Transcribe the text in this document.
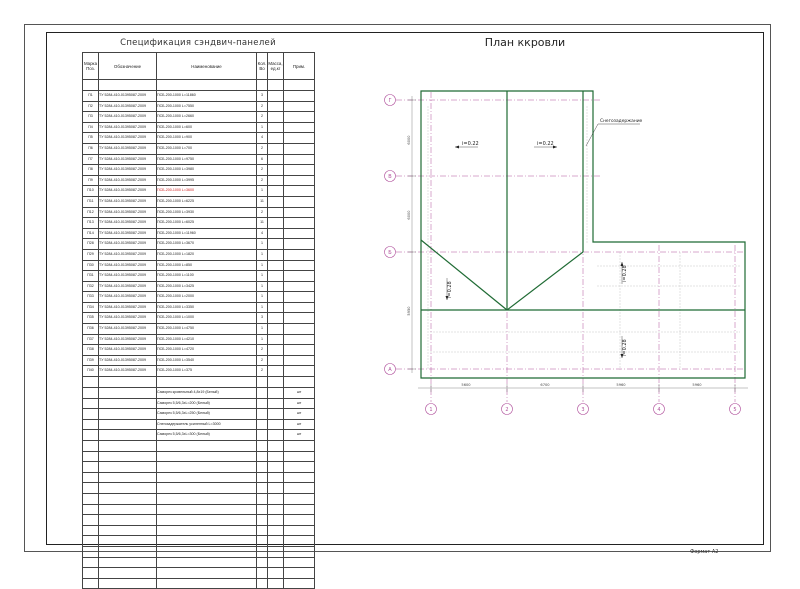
Спецификация сэндвич-панелей
Марка Поз.	Обозначение	Наименование	Кол. Во	Масса, ед.кг	Прим.

П1	ТУ 5284-410-01395087-2009	ПСБ-200-1000 L=11860	3		
П2	ТУ 5284-410-01395087-2009	ПСБ-200-1000 L=7550	2		
П3	ТУ 5284-410-01395087-2009	ПСБ-200-1000 L=2660	2		
П4	ТУ 5284-410-01395087-2009	ПСБ-200-1000 L=600	1		
П5	ТУ 5284-410-01395087-2009	ПСБ-200-1000 L=900	4		
П6	ТУ 5284-410-01395087-2009	ПСБ-200-1000 L=700	2		
П7	ТУ 5284-410-01395087-2009	ПСБ-200-1000 L=9750	6		
П8	ТУ 5284-410-01395087-2009	ПСБ-200-1000 L=3980	2		
П9	ТУ 5284-410-01395087-2009	ПСБ-200-1000 L=3995	2		
П10	ТУ 5284-410-01395087-2009	ПСБ-200-1000 L=3600	1		
П11	ТУ 5284-410-01395087-2009	ПСБ-200-1000 L=6225	11		
П12	ТУ 5284-410-01395087-2009	ПСБ-200-1000 L=3930	2		
П13	ТУ 5284-410-01395087-2009	ПСБ-200-1000 L=6025	11		
П14	ТУ 5284-410-01395087-2009	ПСБ-200-1000 L=11960	4		
П28	ТУ 5284-410-01395087-2009	ПСБ-200-1000 L=3670	1		
П29	ТУ 5284-410-01395087-2009	ПСБ-200-1000 L=1820	1		
П30	ТУ 5284-410-01395087-2009	ПСБ-200-1000 L=850	1		
П31	ТУ 5284-410-01395087-2009	ПСБ-200-1000 L=1100	1		
П32	ТУ 5284-410-01395087-2009	ПСБ-200-1000 L=3425	1		
П33	ТУ 5284-410-01395087-2009	ПСБ-200-1000 L=2000	1		
П34	ТУ 5284-410-01395087-2009	ПСБ-200-1000 L=3350	1		
П35	ТУ 5284-410-01395087-2009	ПСБ-200-1000 L=1000	3		
П36	ТУ 5284-410-01395087-2009	ПСБ-200-1000 L=4750	1		
П37	ТУ 5284-410-01395087-2009	ПСБ-200-1000 L=4210	1		
П38	ТУ 5284-410-01395087-2009	ПСБ-200-1000 L=4720	2		
П39	ТУ 5284-410-01395087-2009	ПСБ-200-1000 L=3540	2		
П40	ТУ 5284-410-01395087-2009	ПСБ-200-1000 L=375	2		

		Саморез кровельный 4,8х19 (Белый)			шт
		Саморез 5,5/6,3хL=200 (Белый)			шт
		Саморез 5,5/6,3хL=250 (Белый)			шт
		Снегозадержатель усиленный L=3000			шт
		Саморез 5,5/6,3хL=300 (Белый)			шт

План ккровли
Снегозадержание
i=0.22	i=0.22
i=0.28
i=0.28
i=0.28
5600	6700	5960	5960
6000
6000
5950
Г
В
Б
А
1	2	3	4	5
Формат А2
